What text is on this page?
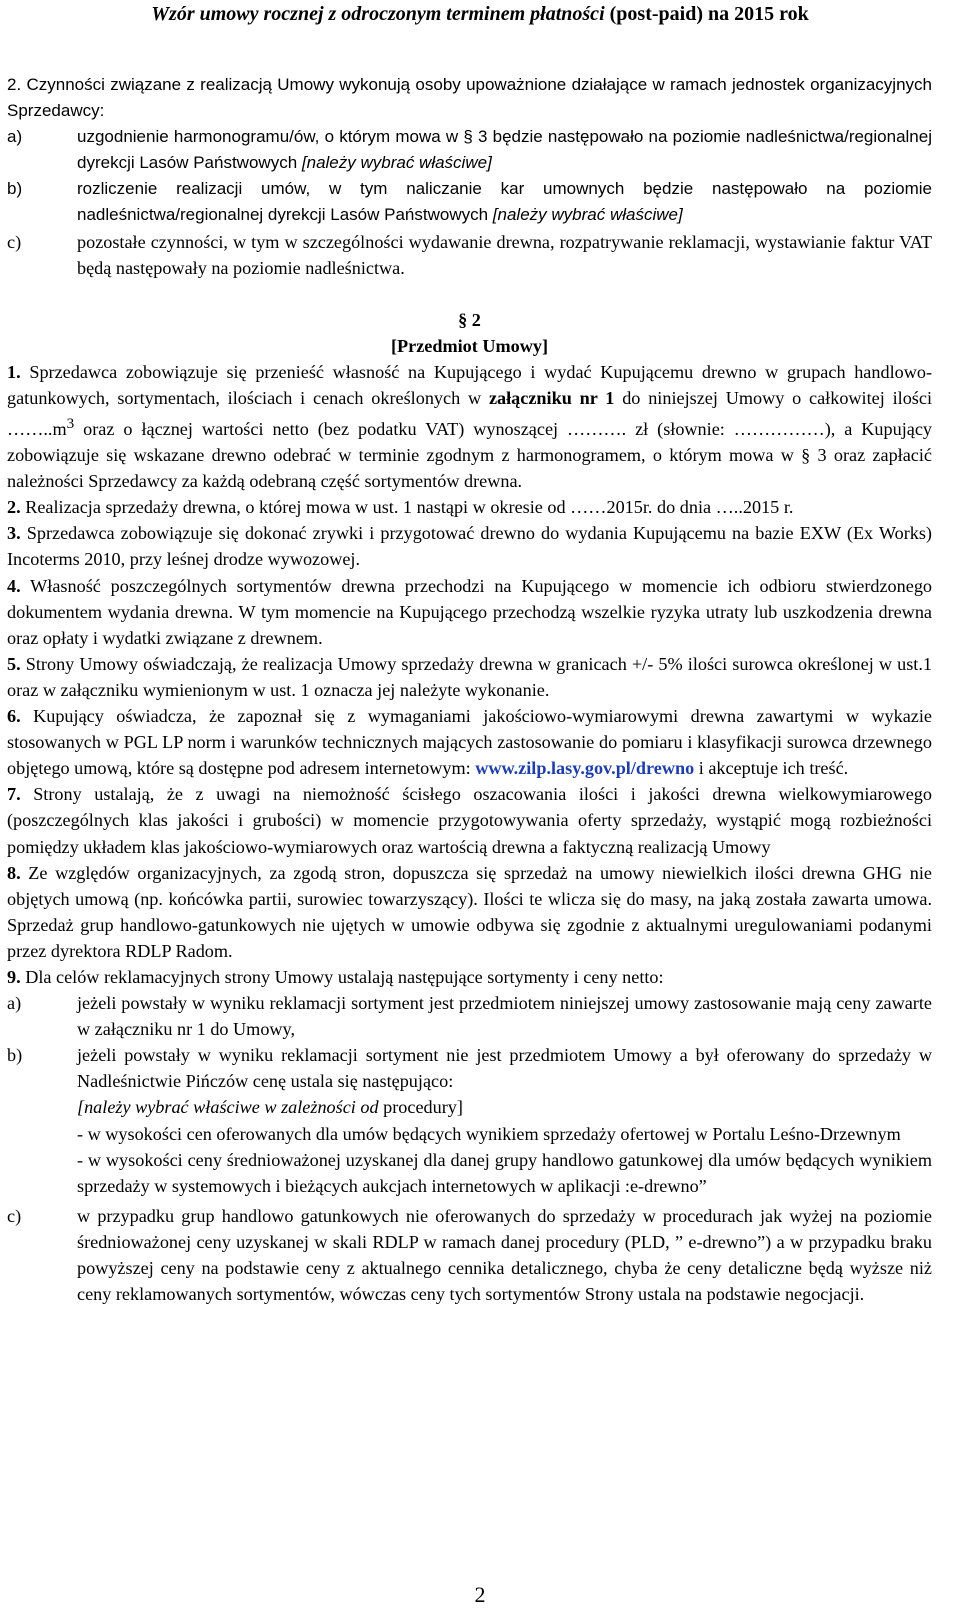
Wzór umowy rocznej z odroczonym terminem płatności (post-paid) na 2015 rok

2. Czynności związane z realizacją Umowy wykonują osoby upoważnione działające w ramach jednostek organizacyjnych Sprzedawcy:

a)	uzgodnienie harmonogramu/ów, o którym mowa w § 3 będzie następowało na poziomie nadleśnictwa/regionalnej dyrekcji Lasów Państwowych [należy wybrać właściwe]
b)	rozliczenie realizacji umów, w tym naliczanie kar umownych będzie następowało na poziomie nadleśnictwa/regionalnej dyrekcji Lasów Państwowych [należy wybrać właściwe]
c)	pozostałe czynności, w tym w szczególności wydawanie drewna, rozpatrywanie reklamacji, wystawianie faktur VAT będą następowały na poziomie nadleśnictwa.
§ 2
[Przedmiot Umowy]

1. Sprzedawca zobowiązuje się przenieść własność na Kupującego i wydać Kupującemu drewno w grupach handlowo-gatunkowych, sortymentach, ilościach i cenach określonych w załączniku nr 1 do niniejszej Umowy o całkowitej ilości $\dots\dots..m^3$ oraz o łącznej wartości netto (bez podatku VAT) wynoszącej ………. zł (słownie: ……………), a Kupujący zobowiązuje się wskazane drewno odebrać w terminie zgodnym z harmonogramem, o którym mowa w § 3 oraz zapłacić należności Sprzedawcy za każdą odebraną część sortymentów drewna.

2. Realizacja sprzedaży drewna, o której mowa w ust. 1 nastąpi w okresie od ……2015r. do dnia …..2015 r.

3. Sprzedawca zobowiązuje się dokonać zrywki i przygotować drewno do wydania Kupującemu na bazie EXW (Ex Works) Incoterms 2010, przy leśnej drodze wywozowej.

4. Własność poszczególnych sortymentów drewna przechodzi na Kupującego w momencie ich odbioru stwierdzonego dokumentem wydania drewna. W tym momencie na Kupującego przechodzą wszelkie ryzyka utraty lub uszkodzenia drewna oraz opłaty i wydatki związane z drewnem.

5. Strony Umowy oświadczają, że realizacja Umowy sprzedaży drewna w granicach +/- 5% ilości surowca określonej w ust.1 oraz w załączniku wymienionym w ust. 1 oznacza jej należyte wykonanie.

6. Kupujący oświadcza, że zapoznał się z wymaganiami jakościowo-wymiarowymi drewna zawartymi w wykazie stosowanych w PGL LP norm i warunków technicznych mających zastosowanie do pomiaru i klasyfikacji surowca drzewnego objętego umową, które są dostępne pod adresem internetowym: www.zilp.lasy.gov.pl/drewno i akceptuje ich treść.

7. Strony ustalają, że z uwagi na niemożność ścisłego oszacowania ilości i jakości drewna wielkowymiarowego (poszczególnych klas jakości i grubości) w momencie przygotowywania oferty sprzedaży, wystąpić mogą rozbieżności pomiędzy układem klas jakościowo-wymiarowych oraz wartością drewna a faktyczną realizacją Umowy

8. Ze względów organizacyjnych, za zgodą stron, dopuszcza się sprzedaż na umowy niewielkich ilości drewna GHG nie objętych umową (np. końcówka partii, surowiec towarzyszący). Ilości te wlicza się do masy, na jaką została zawarta umowa. Sprzedaż grup handlowo-gatunkowych nie ujętych w umowie odbywa się zgodnie z aktualnymi uregulowaniami podanymi przez dyrektora RDLP Radom.

9. Dla celów reklamacyjnych strony Umowy ustalają następujące sortymenty i ceny netto:

a)	jeżeli powstały w wyniku reklamacji sortyment jest przedmiotem niniejszej umowy zastosowanie mają ceny zawarte w załączniku nr 1 do Umowy,
b)	jeżeli powstały w wyniku reklamacji sortyment nie jest przedmiotem Umowy a był oferowany do sprzedaży w Nadleśnictwie Pińczów cenę ustala się następująco:
[należy wybrać właściwe w zależności od procedury]
- w wysokości cen oferowanych dla umów będących wynikiem sprzedaży ofertowej w Portalu Leśno-Drzewnym
- w wysokości ceny średnioważonej uzyskanej dla danej grupy handlowo gatunkowej dla umów będących wynikiem sprzedaży w systemowych i bieżących aukcjach internetowych w aplikacji :e-drewno”
c)	w przypadku grup handlowo gatunkowych nie oferowanych do sprzedaży w procedurach jak wyżej na poziomie średnioważonej ceny uzyskanej w skali RDLP w ramach danej procedury (PLD, ” e-drewno”) a w przypadku braku powyższej ceny na podstawie ceny z aktualnego cennika detalicznego, chyba że ceny detaliczne będą wyższe niż ceny reklamowanych sortymentów, wówczas ceny tych sortymentów Strony ustala na podstawie negocjacji.
2
